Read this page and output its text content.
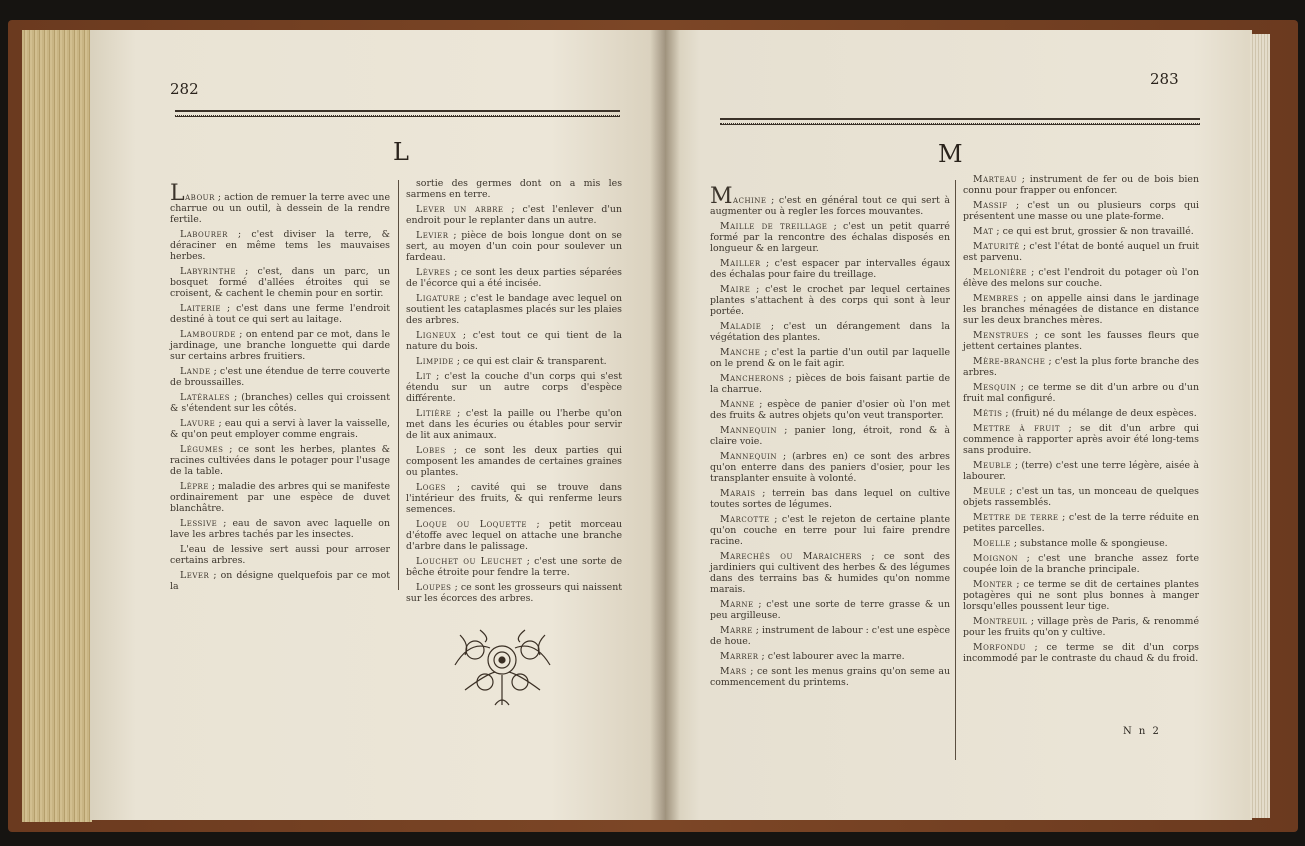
282
L

Labour ; action de remuer la terre avec une charrue ou un outil, à dessein de la rendre fertile.

Labourer ; c'est diviser la terre, & déraciner en même tems les mauvaises herbes.

Labyrinthe ; c'est, dans un parc, un bosquet formé d'allées étroites qui se croisent, & cachent le chemin pour en sortir.

Laiterie ; c'est dans une ferme l'endroit destiné à tout ce qui sert au laitage.

Lambourde ; on entend par ce mot, dans le jardinage, une branche longuette qui darde sur certains arbres fruitiers.

Lande ; c'est une étendue de terre couverte de broussailles.

Latérales ; (branches) celles qui croissent & s'étendent sur les côtés.

Lavure ; eau qui a servi à laver la vaisselle, & qu'on peut employer comme engrais.

Légumes ; ce sont les herbes, plantes & racines cultivées dans le potager pour l'usage de la table.

Lèpre ; maladie des arbres qui se manifeste ordinairement par une espèce de duvet blanchâtre.

Lessive ; eau de savon avec laquelle on lave les arbres tachés par les insectes.

L'eau de lessive sert aussi pour arroser certains arbres.

Lever ; on désigne quelquefois par ce mot la

sortie des germes dont on a mis les sarmens en terre.

Lever un arbre ; c'est l'enlever d'un endroit pour le replanter dans un autre.

Levier ; pièce de bois longue dont on se sert, au moyen d'un coin pour soulever un fardeau.

Lèvres ; ce sont les deux parties séparées de l'écorce qui a été incisée.

Ligature ; c'est le bandage avec lequel on soutient les cataplasmes placés sur les plaies des arbres.

Ligneux ; c'est tout ce qui tient de la nature du bois.

Limpide ; ce qui est clair & transparent.

Lit ; c'est la couche d'un corps qui s'est étendu sur un autre corps d'espèce différente.

Litière ; c'est la paille ou l'herbe qu'on met dans les écuries ou étables pour servir de lit aux animaux.

Lobes ; ce sont les deux parties qui composent les amandes de certaines graines ou plantes.

Loges ; cavité qui se trouve dans l'intérieur des fruits, & qui renferme leurs semences.

Loque ou Loquette ; petit morceau d'étoffe avec lequel on attache une branche d'arbre dans le palissage.

Louchet ou Leuchet ; c'est une sorte de bêche étroite pour fendre la terre.

Loupes ; ce sont les grosseurs qui naissent sur les écorces des arbres.

283
M

Machine ; c'est en général tout ce qui sert à augmenter ou à regler les forces mouvantes.

Maille de treillage ; c'est un petit quarré formé par la rencontre des échalas disposés en longueur & en largeur.

Mailler ; c'est espacer par intervalles égaux des échalas pour faire du treillage.

Maire ; c'est le crochet par lequel certaines plantes s'attachent à des corps qui sont à leur portée.

Maladie ; c'est un dérangement dans la végétation des plantes.

Manche ; c'est la partie d'un outil par laquelle on le prend & on le fait agir.

Mancherons ; pièces de bois faisant partie de la charrue.

Manne ; espèce de panier d'osier où l'on met des fruits & autres objets qu'on veut transporter.

Mannequin ; panier long, étroit, rond & à claire voie.

Mannequin ; (arbres en) ce sont des arbres qu'on enterre dans des paniers d'osier, pour les transplanter ensuite à volonté.

Marais ; terrein bas dans lequel on cultive toutes sortes de légumes.

Marcotte ; c'est le rejeton de certaine plante qu'on couche en terre pour lui faire prendre racine.

Marechés ou Maraichers ; ce sont des jardiniers qui cultivent des herbes & des légumes dans des terrains bas & humides qu'on nomme marais.

Marne ; c'est une sorte de terre grasse & un peu argilleuse.

Marre ; instrument de labour : c'est une espèce de houe.

Marrer ; c'est labourer avec la marre.

Mars ; ce sont les menus grains qu'on seme au commencement du printems.

Marteau ; instrument de fer ou de bois bien connu pour frapper ou enfoncer.

Massif ; c'est un ou plusieurs corps qui présentent une masse ou une plate-forme.

Mat ; ce qui est brut, grossier & non travaillé.

Maturité ; c'est l'état de bonté auquel un fruit est parvenu.

Melonière ; c'est l'endroit du potager où l'on élève des melons sur couche.

Membres ; on appelle ainsi dans le jardinage les branches ménagées de distance en distance sur les deux branches mères.

Menstrues ; ce sont les fausses fleurs que jettent certaines plantes.

Mère-branche ; c'est la plus forte branche des arbres.

Mesquin ; ce terme se dit d'un arbre ou d'un fruit mal configuré.

Métis ; (fruit) né du mélange de deux espèces.

Mettre à fruit ; se dit d'un arbre qui commence à rapporter après avoir été long-tems sans produire.

Meuble ; (terre) c'est une terre légère, aisée à labourer.

Meule ; c'est un tas, un monceau de quelques objets rassemblés.

Mettre de terre ; c'est de la terre réduite en petites parcelles.

Moelle ; substance molle & spongieuse.

Moignon ; c'est une branche assez forte coupée loin de la branche principale.

Monter ; ce terme se dit de certaines plantes potagères qui ne sont plus bonnes à manger lorsqu'elles poussent leur tige.

Montreuil ; village près de Paris, & renommé pour les fruits qu'on y cultive.

Morfondu ; ce terme se dit d'un corps incommodé par le contraste du chaud & du froid.

N n 2
